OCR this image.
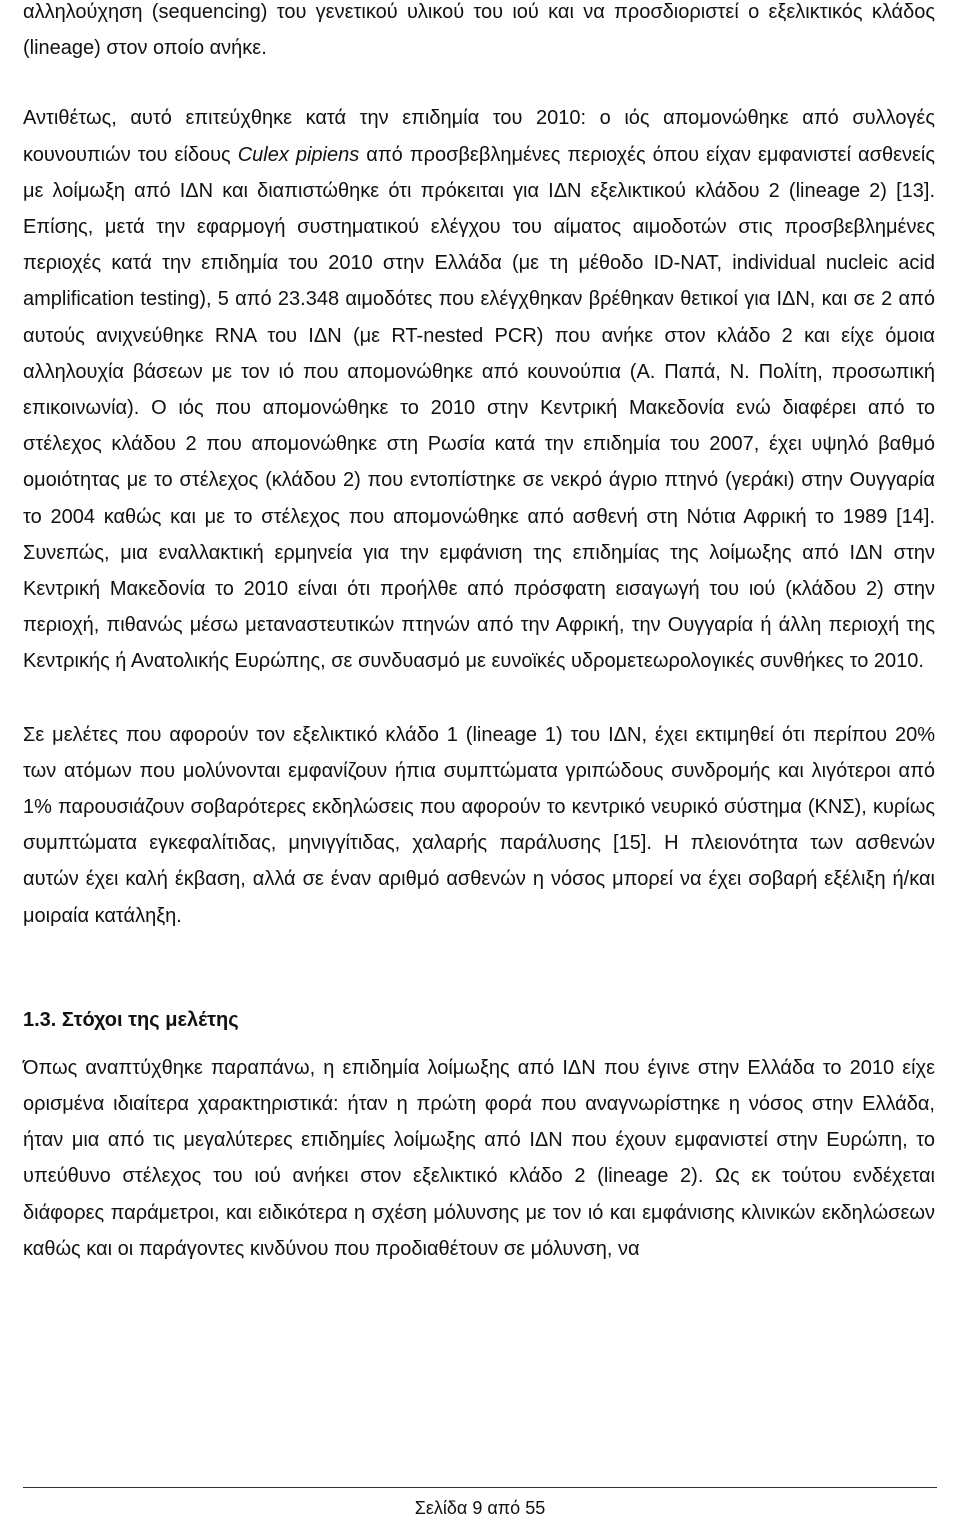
αλληλούχηση (sequencing) του γενετικού υλικού του ιού και να προσδιοριστεί ο εξελικτικός κλάδος (lineage) στον οποίο ανήκε.

Αντιθέτως, αυτό επιτεύχθηκε κατά την επιδημία του 2010: ο ιός απομονώθηκε από συλλογές κουνουπιών του είδους Culex pipiens από προσβεβλημένες περιοχές όπου είχαν εμφανιστεί ασθενείς με λοίμωξη από ΙΔΝ και διαπιστώθηκε ότι πρόκειται για ΙΔΝ εξελικτικού κλάδου 2 (lineage 2) [13]. Επίσης, μετά την εφαρμογή συστηματικού ελέγχου του αίματος αιμοδοτών στις προσβεβλημένες περιοχές κατά την επιδημία του 2010 στην Ελλάδα (με τη μέθοδο ID-NAT, individual nucleic acid amplification testing), 5 από 23.348 αιμοδότες που ελέγχθηκαν βρέθηκαν θετικοί για ΙΔΝ, και σε 2 από αυτούς ανιχνεύθηκε RNA του ΙΔΝ (με RT-nested PCR) που ανήκε στον κλάδο 2 και είχε όμοια αλληλουχία βάσεων με τον ιό που απομονώθηκε από κουνούπια (Α. Παπά, Ν. Πολίτη, προσωπική επικοινωνία). Ο ιός που απομονώθηκε το 2010 στην Κεντρική Μακεδονία ενώ διαφέρει από το στέλεχος κλάδου 2 που απομονώθηκε στη Ρωσία κατά την επιδημία του 2007, έχει υψηλό βαθμό ομοιότητας με το στέλεχος (κλάδου 2) που εντοπίστηκε σε νεκρό άγριο πτηνό (γεράκι) στην Ουγγαρία το 2004 καθώς και με το στέλεχος που απομονώθηκε από ασθενή στη Νότια Αφρική το 1989 [14]. Συνεπώς, μια εναλλακτική ερμηνεία για την εμφάνιση της επιδημίας της λοίμωξης από ΙΔΝ στην Κεντρική Μακεδονία το 2010 είναι ότι προήλθε από πρόσφατη εισαγωγή του ιού (κλάδου 2) στην περιοχή, πιθανώς μέσω μεταναστευτικών πτηνών από την Αφρική, την Ουγγαρία ή άλλη περιοχή της Κεντρικής ή Ανατολικής Ευρώπης, σε συνδυασμό με ευνοϊκές υδρομετεωρολογικές συνθήκες το 2010.

Σε μελέτες που αφορούν τον εξελικτικό κλάδο 1 (lineage 1) του ΙΔΝ, έχει εκτιμηθεί ότι περίπου 20% των ατόμων που μολύνονται εμφανίζουν ήπια συμπτώματα γριπώδους συνδρομής και λιγότεροι από 1% παρουσιάζουν σοβαρότερες εκδηλώσεις που αφορούν το κεντρικό νευρικό σύστημα (ΚΝΣ), κυρίως συμπτώματα εγκεφαλίτιδας, μηνιγγίτιδας, χαλαρής παράλυσης [15]. Η πλειονότητα των ασθενών αυτών έχει καλή έκβαση, αλλά σε έναν αριθμό ασθενών η νόσος μπορεί να έχει σοβαρή εξέλιξη ή/και μοιραία κατάληξη.

1.3. Στόχοι της μελέτης

Όπως αναπτύχθηκε παραπάνω, η επιδημία λοίμωξης από ΙΔΝ που έγινε στην Ελλάδα το 2010 είχε ορισμένα ιδιαίτερα χαρακτηριστικά: ήταν η πρώτη φορά που αναγνωρίστηκε η νόσος στην Ελλάδα, ήταν μια από τις μεγαλύτερες επιδημίες λοίμωξης από ΙΔΝ που έχουν εμφανιστεί στην Ευρώπη, το υπεύθυνο στέλεχος του ιού ανήκει στον εξελικτικό κλάδο 2 (lineage 2). Ως εκ τούτου ενδέχεται διάφορες παράμετροι, και ειδικότερα η σχέση μόλυνσης με τον ιό και εμφάνισης κλινικών εκδηλώσεων καθώς και οι παράγοντες κινδύνου που προδιαθέτουν σε μόλυνση, να

Σελίδα 9 από 55
